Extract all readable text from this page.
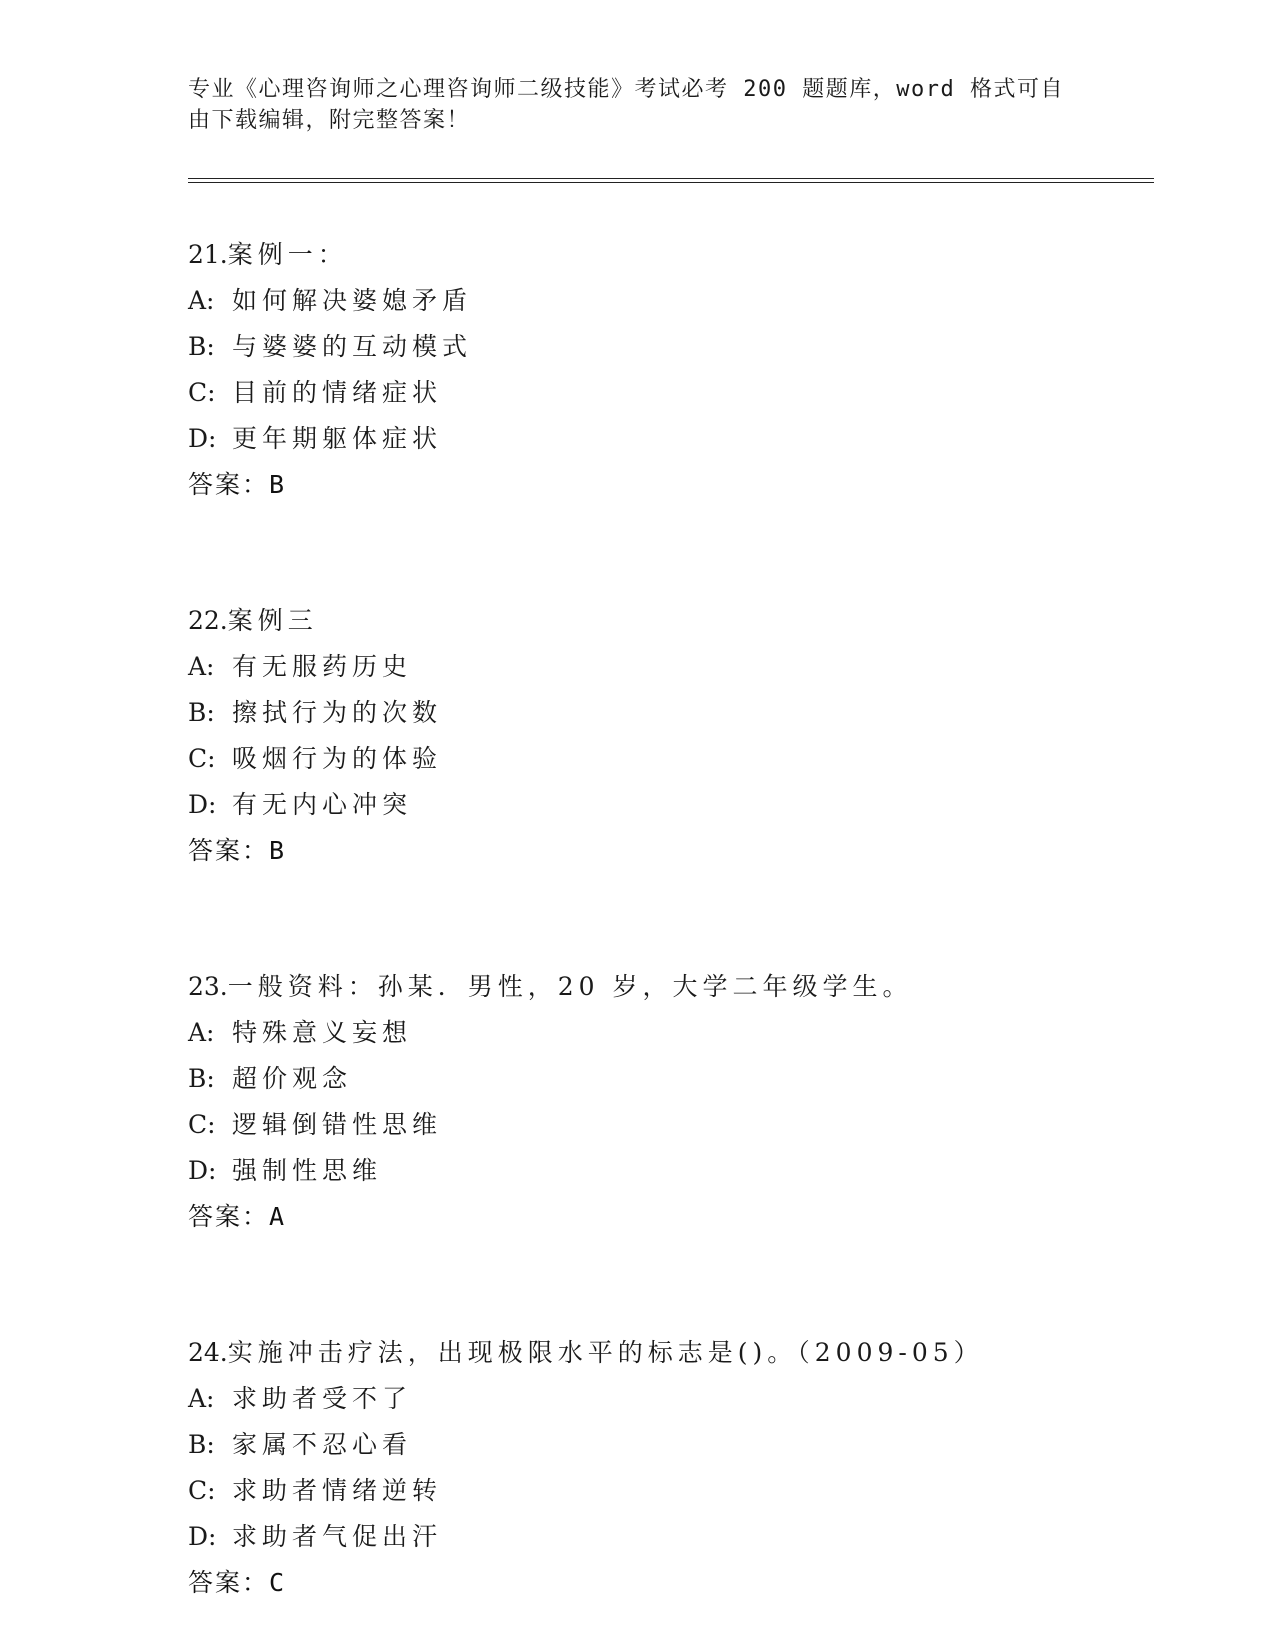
专业《心理咨询师之心理咨询师二级技能》考试必考 200 题题库，word 格式可自
由下载编辑，附完整答案！
21.案例一：
A: 如何解决婆媳矛盾
B: 与婆婆的互动模式
C: 目前的情绪症状
D: 更年期躯体症状
答案：B
22.案例三
A: 有无服药历史
B: 擦拭行为的次数
C: 吸烟行为的体验
D: 有无内心冲突
答案：B
23.一般资料：孙某．男性，20 岁，大学二年级学生。
A: 特殊意义妄想
B: 超价观念
C: 逻辑倒错性思维
D: 强制性思维
答案：A
24.实施冲击疗法，出现极限水平的标志是()。（2009-05）
A: 求助者受不了
B: 家属不忍心看
C: 求助者情绪逆转
D: 求助者气促出汗
答案：C
